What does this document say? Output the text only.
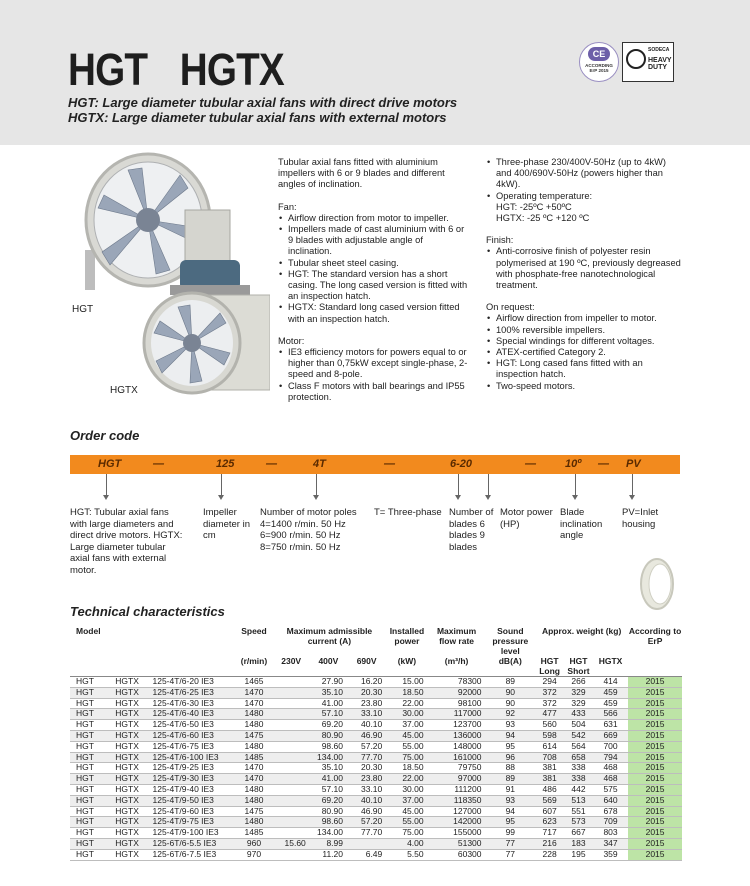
HGT HGTX
HGT: Large diameter tubular axial fans with direct drive motors
HGTX: Large diameter tubular axial fans with external motors
CE
ACCORDING
ErP 2015
SODECA
HEAVY DUTY
HGT
HGTX

Tubular axial fans fitted with aluminium impellers with 6 or 9 blades and different angles of inclination.

Fan:

• Airflow direction from motor to impeller.
• Impellers made of cast aluminium with 6 or 9 blades with adjustable angle of inclination.
• Tubular sheet steel casing.
• HGT: The standard version has a short casing. The long cased version is fitted with an inspection hatch.
• HGTX: Standard long cased version fitted with an inspection hatch.

Motor:

• IE3 efficiency motors for powers equal to or higher than 0,75kW except single-phase, 2-speed and 8-pole.
• Class F motors with ball bearings and IP55 protection.
• Three-phase 230/400V-50Hz (up to 4kW) and 400/690V-50Hz (powers higher than 4kW).
• Operating temperature:

HGT: -25ºC +50ºC

HGTX: -25 ºC +120 ºC

Finish:

• Anti-corrosive finish of polyester resin polymerised at 190 ºC, previously degreased with phosphate-free nanotechnological treatment.

On request:

• Airflow direction from impeller to motor.
• 100% reversible impellers.
• Special windings for different voltages.
• ATEX-certified Category 2.
• HGT: Long cased fans fitted with an inspection hatch.
• Two-speed motors.
Order code
HGT	—	125	—	4T	—	6-20	—	10º — PV
HGT: Tubular axial fans with large diameters and direct drive motors. HGTX: Large diameter tubular axial fans with external motor.
Impeller diameter in cm
Number of motor poles
4=1400 r/min. 50 Hz
6=900 r/min. 50 Hz
8=750 r/min. 50 Hz
T= Three-phase Number of blades 6 blades 9 blades
Motor power (HP)
Blade inclination angle
PV=Inlet housing
Technical characteristics
Model			Speed	Maximum admissible current (A)			Installed power	Maximum flow rate	Sound pressure level	Approx. weight (kg)			According to ErP
			(r/min)	230V	400V	690V	(kW)	(m³/h)	dB(A)	HGT Long	HGT Short	HGTX	
HGT	HGTX	125-4T/6-20 IE3	1465		27.90	16.20	15.00	78300	89	294	266	414	2015
HGT	HGTX	125-4T/6-25 IE3	1470		35.10	20.30	18.50	92000	90	372	329	459	2015
HGT	HGTX	125-4T/6-30 IE3	1470		41.00	23.80	22.00	98100	90	372	329	459	2015
HGT	HGTX	125-4T/6-40 IE3	1480		57.10	33.10	30.00	117000	92	477	433	566	2015
HGT	HGTX	125-4T/6-50 IE3	1480		69.20	40.10	37.00	123700	93	560	504	631	2015
HGT	HGTX	125-4T/6-60 IE3	1475		80.90	46.90	45.00	136000	94	598	542	669	2015
HGT	HGTX	125-4T/6-75 IE3	1480		98.60	57.20	55.00	148000	95	614	564	700	2015
HGT	HGTX	125-4T/6-100 IE3	1485		134.00	77.70	75.00	161000	96	708	658	794	2015
HGT	HGTX	125-4T/9-25 IE3	1470		35.10	20.30	18.50	79750	88	381	338	468	2015
HGT	HGTX	125-4T/9-30 IE3	1470		41.00	23.80	22.00	97000	89	381	338	468	2015
HGT	HGTX	125-4T/9-40 IE3	1480		57.10	33.10	30.00	111200	91	486	442	575	2015
HGT	HGTX	125-4T/9-50 IE3	1480		69.20	40.10	37.00	118350	93	569	513	640	2015
HGT	HGTX	125-4T/9-60 IE3	1475		80.90	46.90	45.00	127000	94	607	551	678	2015
HGT	HGTX	125-4T/9-75 IE3	1480		98.60	57.20	55.00	142000	95	623	573	709	2015
HGT	HGTX	125-4T/9-100 IE3	1485		134.00	77.70	75.00	155000	99	717	667	803	2015
HGT	HGTX	125-6T/6-5.5 IE3	960	15.60	8.99		4.00	51300	77	216	183	347	2015
HGT	HGTX	125-6T/6-7.5 IE3	970		11.20	6.49	5.50	60300	77	228	195	359	2015
